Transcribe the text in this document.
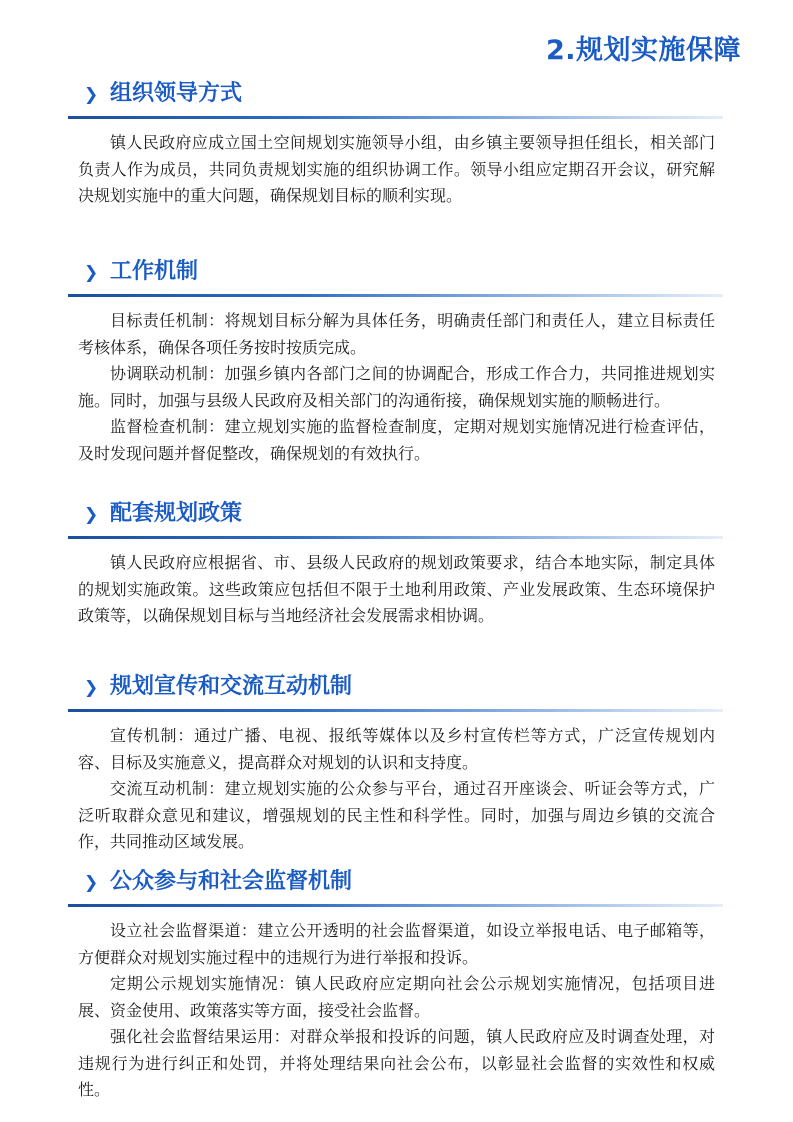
2.规划实施保障
❯ 组织领导方式

镇人民政府应成立国土空间规划实施领导小组，由乡镇主要领导担任组长，相关部门负责人作为成员，共同负责规划实施的组织协调工作。领导小组应定期召开会议，研究解决规划实施中的重大问题，确保规划目标的顺利实现。

❯ 工作机制

目标责任机制：将规划目标分解为具体任务，明确责任部门和责任人，建立目标责任考核体系，确保各项任务按时按质完成。

协调联动机制：加强乡镇内各部门之间的协调配合，形成工作合力，共同推进规划实施。同时，加强与县级人民政府及相关部门的沟通衔接，确保规划实施的顺畅进行。

监督检查机制：建立规划实施的监督检查制度，定期对规划实施情况进行检查评估，及时发现问题并督促整改，确保规划的有效执行。

❯ 配套规划政策

镇人民政府应根据省、市、县级人民政府的规划政策要求，结合本地实际，制定具体的规划实施政策。这些政策应包括但不限于土地利用政策、产业发展政策、生态环境保护政策等，以确保规划目标与当地经济社会发展需求相协调。

❯ 规划宣传和交流互动机制

宣传机制：通过广播、电视、报纸等媒体以及乡村宣传栏等方式，广泛宣传规划内容、目标及实施意义，提高群众对规划的认识和支持度。

交流互动机制：建立规划实施的公众参与平台，通过召开座谈会、听证会等方式，广泛听取群众意见和建议，增强规划的民主性和科学性。同时，加强与周边乡镇的交流合作，共同推动区域发展。

❯ 公众参与和社会监督机制

设立社会监督渠道：建立公开透明的社会监督渠道，如设立举报电话、电子邮箱等，方便群众对规划实施过程中的违规行为进行举报和投诉。

定期公示规划实施情况：镇人民政府应定期向社会公示规划实施情况，包括项目进展、资金使用、政策落实等方面，接受社会监督。

强化社会监督结果运用：对群众举报和投诉的问题，镇人民政府应及时调查处理，对违规行为进行纠正和处罚，并将处理结果向社会公布，以彰显社会监督的实效性和权威性。
